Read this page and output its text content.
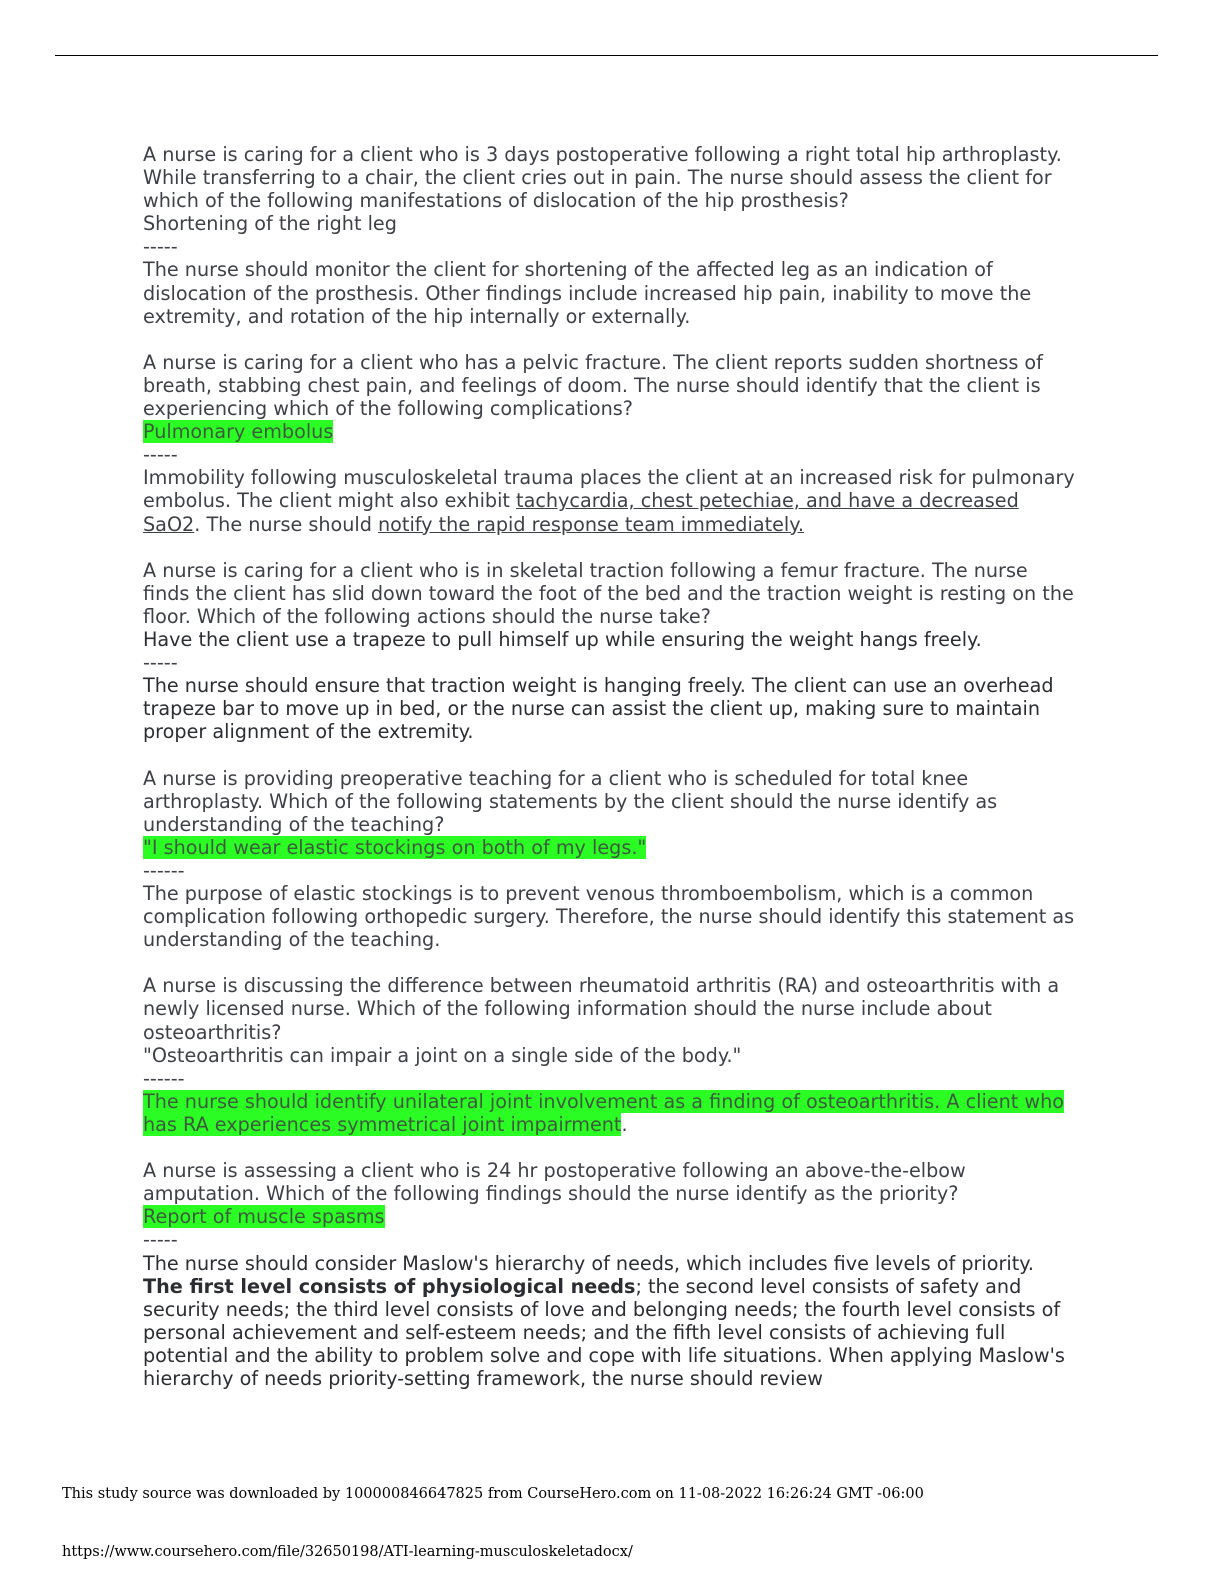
A nurse is caring for a client who is 3 days postoperative following a right total hip arthroplasty. While transferring to a chair, the client cries out in pain. The nurse should assess the client for which of the following manifestations of dislocation of the hip prosthesis?

Shortening of the right leg

-----

The nurse should monitor the client for shortening of the affected leg as an indication of dislocation of the prosthesis. Other findings include increased hip pain, inability to move the extremity, and rotation of the hip internally or externally.

A nurse is caring for a client who has a pelvic fracture. The client reports sudden shortness of breath, stabbing chest pain, and feelings of doom. The nurse should identify that the client is experiencing which of the following complications?

Pulmonary embolus

-----

Immobility following musculoskeletal trauma places the client at an increased risk for pulmonary embolus. The client might also exhibit tachycardia, chest petechiae, and have a decreased SaO2. The nurse should notify the rapid response team immediately.

A nurse is caring for a client who is in skeletal traction following a femur fracture. The nurse finds the client has slid down toward the foot of the bed and the traction weight is resting on the floor. Which of the following actions should the nurse take?

Have the client use a trapeze to pull himself up while ensuring the weight hangs freely.

-----

The nurse should ensure that traction weight is hanging freely. The client can use an overhead trapeze bar to move up in bed, or the nurse can assist the client up, making sure to maintain proper alignment of the extremity.

A nurse is providing preoperative teaching for a client who is scheduled for total knee arthroplasty. Which of the following statements by the client should the nurse identify as understanding of the teaching?

"I should wear elastic stockings on both of my legs."

------

The purpose of elastic stockings is to prevent venous thromboembolism, which is a common complication following orthopedic surgery. Therefore, the nurse should identify this statement as understanding of the teaching.

A nurse is discussing the difference between rheumatoid arthritis (RA) and osteoarthritis with a newly licensed nurse. Which of the following information should the nurse include about osteoarthritis?

"Osteoarthritis can impair a joint on a single side of the body."

------

The nurse should identify unilateral joint involvement as a finding of osteoarthritis. A client who has RA experiences symmetrical joint impairment.

A nurse is assessing a client who is 24 hr postoperative following an above-the-elbow amputation. Which of the following findings should the nurse identify as the priority?

Report of muscle spasms

-----

The nurse should consider Maslow's hierarchy of needs, which includes five levels of priority. The first level consists of physiological needs; the second level consists of safety and security needs; the third level consists of love and belonging needs; the fourth level consists of personal achievement and self-esteem needs; and the fifth level consists of achieving full potential and the ability to problem solve and cope with life situations. When applying Maslow's hierarchy of needs priority-setting framework, the nurse should review

This study source was downloaded by 100000846647825 from CourseHero.com on 11-08-2022 16:26:24 GMT -06:00
https://www.coursehero.com/file/32650198/ATI-learning-musculoskeletadocx/
